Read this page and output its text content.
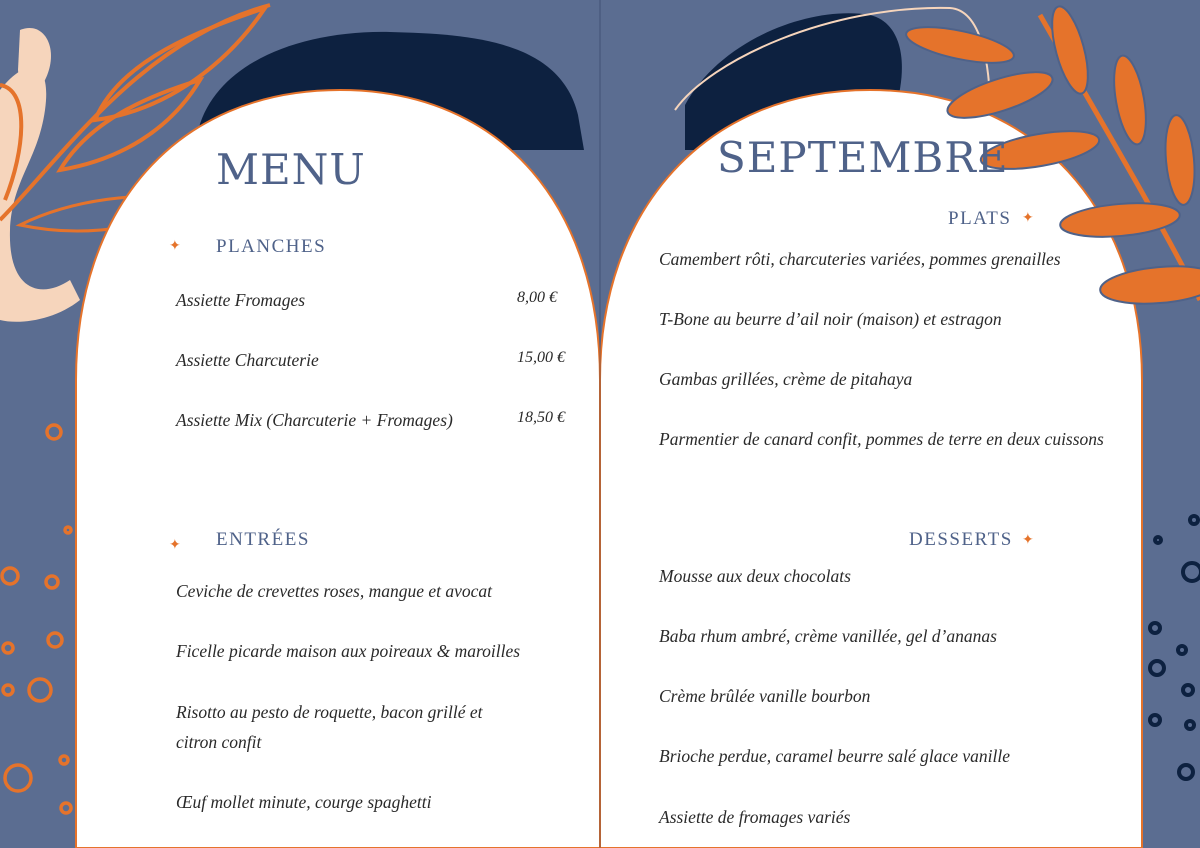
MENU
✦ PLANCHES

Assiette Fromages	8,00 €

Assiette Charcuterie	15,00 €

Assiette Mix (Charcuterie + Fromages)	18,50 €

✦ ENTRÉES

Ceviche de crevettes roses, mangue et avocat

Ficelle picarde maison aux poireaux & maroilles

Risotto au pesto de roquette, bacon grillé et citron confit

Œuf mollet minute, courge spaghetti

SEPTEMBRE
PLATS ✦

Camembert rôti, charcuteries variées, pommes grenailles

T-Bone au beurre d’ail noir (maison) et estragon

Gambas grillées, crème de pitahaya

Parmentier de canard confit, pommes de terre en deux cuissons

DESSERTS ✦

Mousse aux deux chocolats

Baba rhum ambré, crème vanillée, gel d’ananas

Crème brûlée vanille bourbon

Brioche perdue, caramel beurre salé glace vanille

Assiette de fromages variés
